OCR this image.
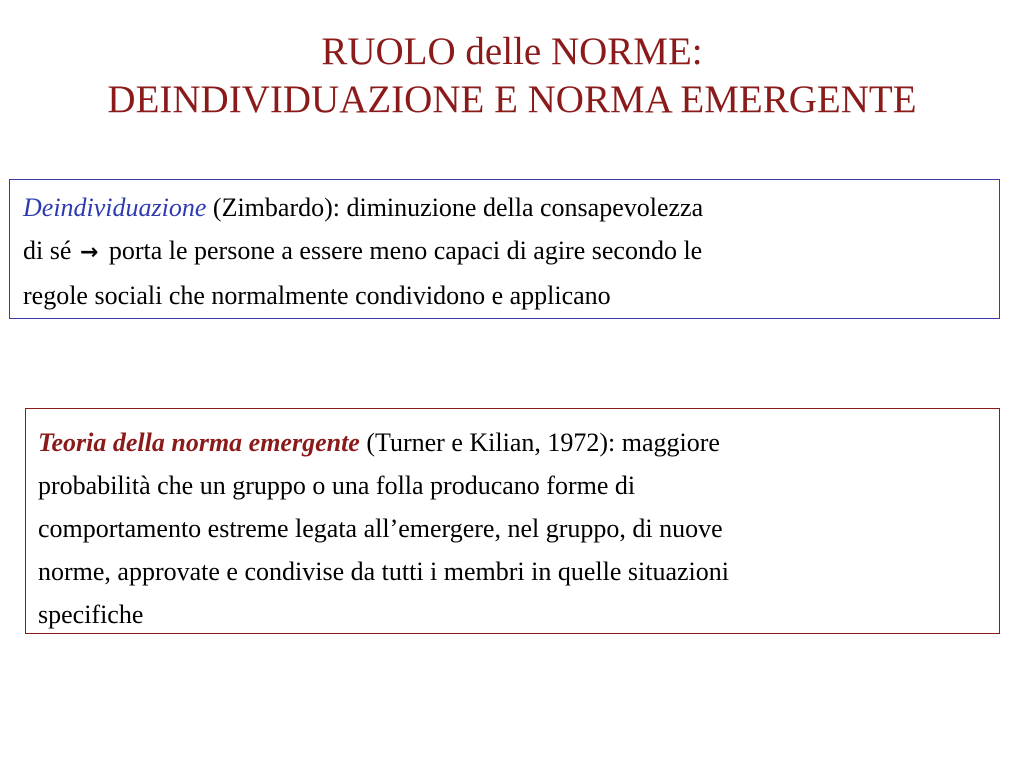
RUOLO delle NORME:
DEINDIVIDUAZIONE E NORMA EMERGENTE
Deindividuazione (Zimbardo): diminuzione della consapevolezza
di sé → porta le persone a essere meno capaci di agire secondo le
regole sociali che normalmente condividono e applicano
Teoria della norma emergente (Turner e Kilian, 1972): maggiore
probabilità che un gruppo o una folla producano forme di
comportamento estreme legata all’emergere, nel gruppo, di nuove
norme, approvate e condivise da tutti i membri in quelle situazioni
specifiche
